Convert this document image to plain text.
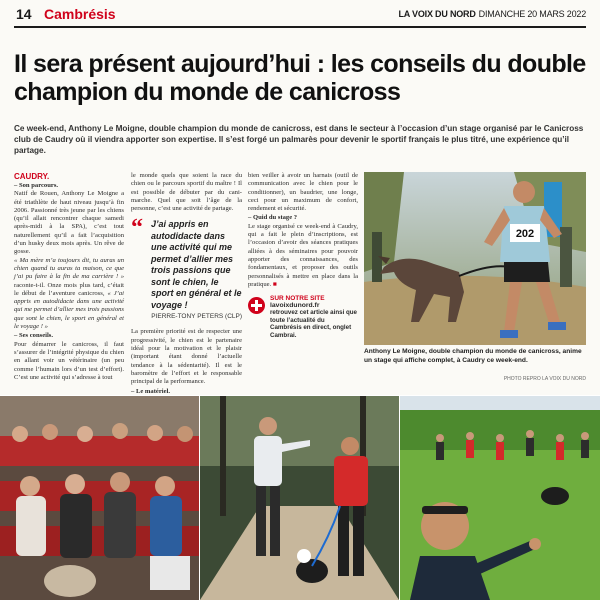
14 Cambrésis	LA VOIX DU NORD DIMANCHE 20 MARS 2022
Il sera présent aujourd’hui : les conseils du double champion du monde de canicross

Ce week-end, Anthony Le Moigne, double champion du monde de canicross, est dans le secteur à l’occasion d’un stage organisé par le Canicross club de Caudry où il viendra apporter son expertise. Il s’est forgé un palmarès pour devenir le sportif français le plus titré, une expérience qu’il partage.

CAUDRY.
– Son parcours.

Natif de Rouen, Anthony Le Moigne a été triathlète de haut niveau jusqu’à fin 2006. Passionné très jeune par les chiens (qu’il allait rencontrer chaque samedi après-midi à la SPA), c’est tout naturellement qu’il a fait l’acquisition d’un husky deux mois après. Un rêve de gosse.

« Ma mère m’a toujours dit, tu auras un chien quand tu auras ta maison, ce que j’ai pu faire à la fin de ma carrière ! » raconte-t-il. Onze mois plus tard, c’était le début de l’aventure canicross, « J’ai appris en autodidacte dans une activité qui me permet d’allier mes trois passions que sont le chien, le sport en général et le voyage ! »

– Ses conseils.

Pour démarrer le canicross, il faut s’assurer de l’intégrité physique du chien en allant voir un vétérinaire (un peu comme l’humain lors d’un test d’effort). C’est une activité qui s’adresse à tout

le monde quels que soient la race du chien ou le parcours sportif du maître ! Il est possible de débuter par du cani-marche. Quel que soit l’âge de la personne, c’est une activité de partage.

“ J’ai appris en autodidacte dans une activité qui me permet d’allier mes trois passions que sont le chien, le sport en général et le voyage !
PIERRE-TONY PETERS (CLP)

La première priorité est de respecter une progressivité, le chien est le partenaire idéal pour la motivation et le plaisir (important étant donné l’actuelle tendance à la sédentarité). Il est le baromètre de l’effort et le responsable principal de la performance.

– Le matériel.

bien veiller à avoir un harnais (outil de communication avec le chien pour le conditionner), un baudrier, une longe, ceci pour un maximum de confort, rendement et sécurité.

– Quid du stage ?

Le stage organisé ce week-end à Caudry, qui a fait le plein d’inscriptions, est l’occasion d’avoir des séances pratiques alliées à des séminaires pour pouvoir apporter des connaissances, des fondamentaux, et proposer des outils personnalisés à mettre en place dans la pratique. ■

SUR NOTRE SITE
lavoixdunord.fr
retrouvez cet article ainsi que toute l’actualité du Cambrésis en direct, onglet Cambrai.
202

Anthony Le Moigne, double champion du monde de canicross, anime un stage qui affiche complet, à Caudry ce week-end.

PHOTO REPRO LA VOIX DU NORD
